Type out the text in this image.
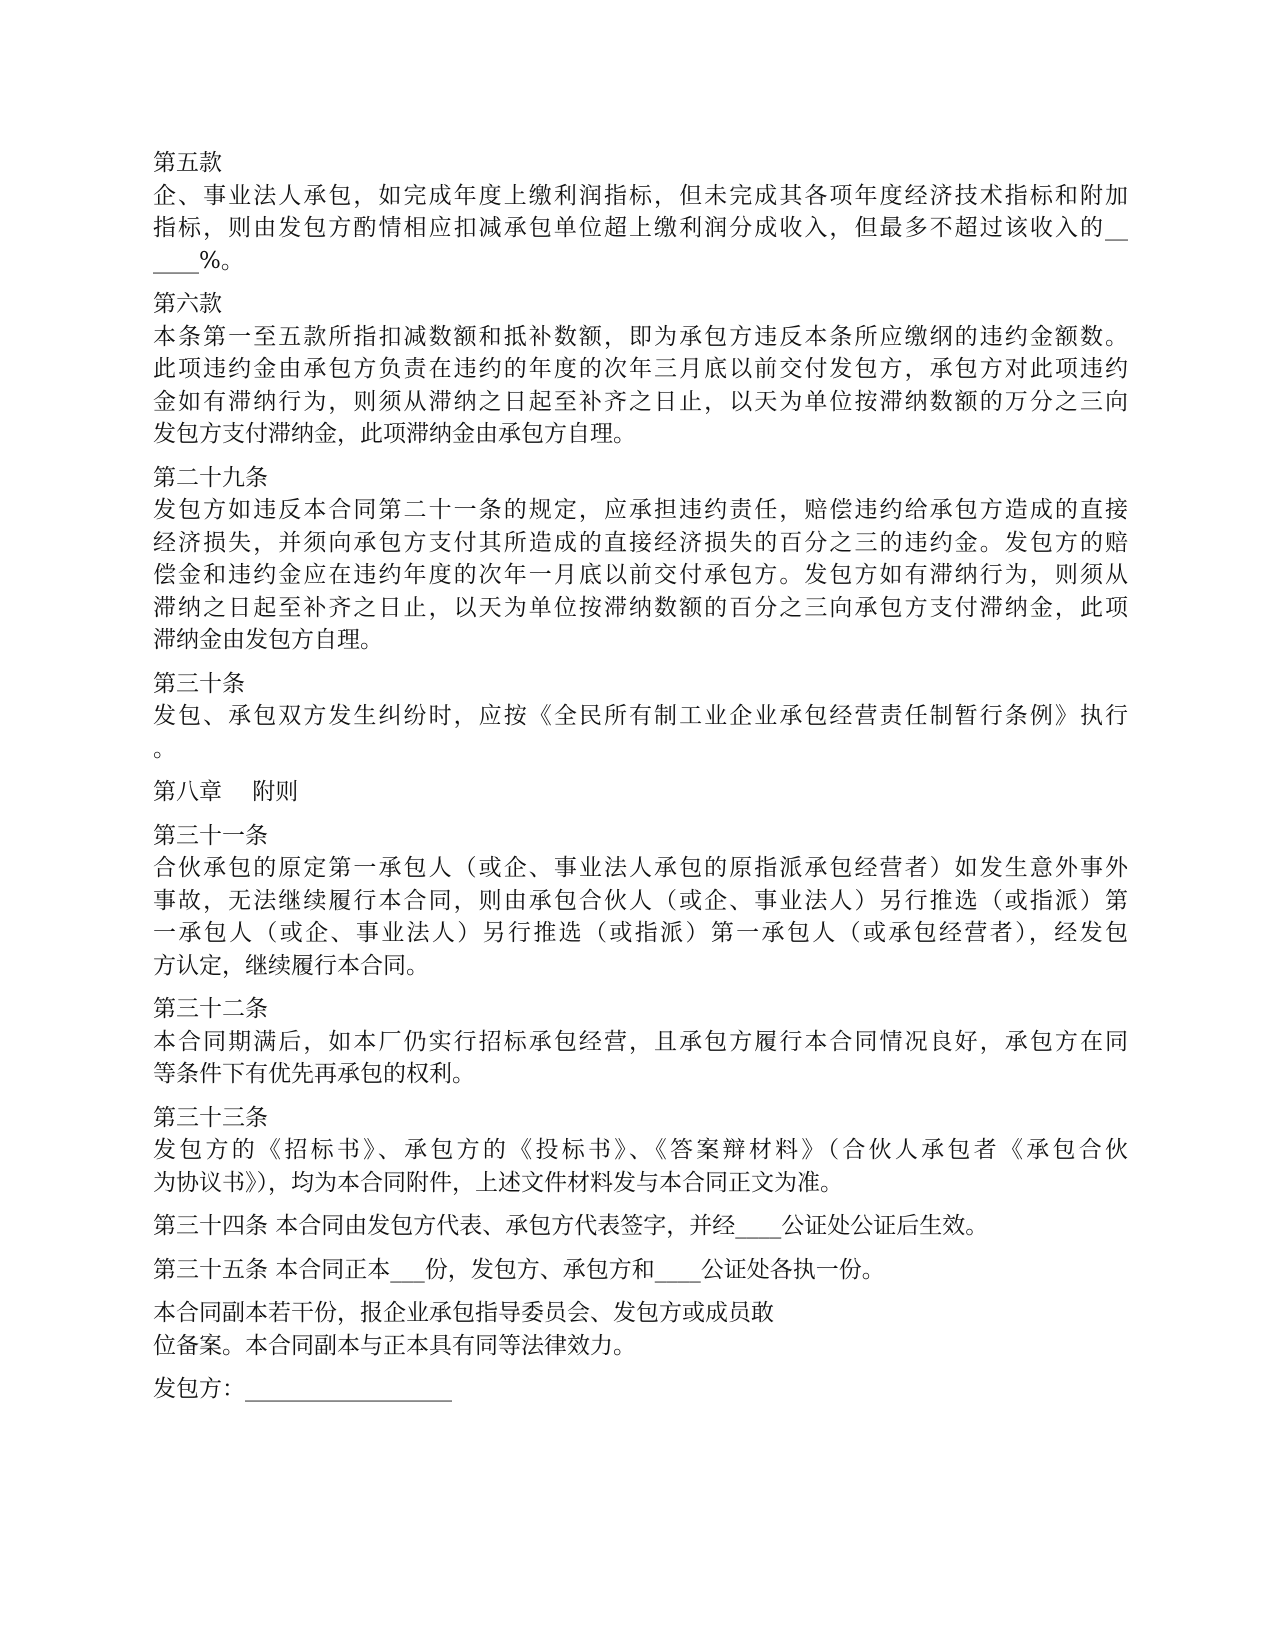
第五款
企、事业法人承包，如完成年度上缴利润指标，但未完成其各项年度经济技术指标和附加
指标，则由发包方酌情相应扣减承包单位超上缴利润分成收入，但最多不超过该收入的__
____%。
第六款
本条第一至五款所指扣减数额和抵补数额，即为承包方违反本条所应缴纲的违约金额数。
此项违约金由承包方负责在违约的年度的次年三月底以前交付发包方，承包方对此项违约
金如有滞纳行为，则须从滞纳之日起至补齐之日止，以天为单位按滞纳数额的万分之三向
发包方支付滞纳金，此项滞纳金由承包方自理。
第二十九条
发包方如违反本合同第二十一条的规定，应承担违约责任，赔偿违约给承包方造成的直接
经济损失，并须向承包方支付其所造成的直接经济损失的百分之三的违约金。发包方的赔
偿金和违约金应在违约年度的次年一月底以前交付承包方。发包方如有滞纳行为，则须从
滞纳之日起至补齐之日止，以天为单位按滞纳数额的百分之三向承包方支付滞纳金，此项
滞纳金由发包方自理。
第三十条
发包、承包双方发生纠纷时，应按《全民所有制工业企业承包经营责任制暂行条例》执行
。
第八章　 附则
第三十一条
合伙承包的原定第一承包人（或企、事业法人承包的原指派承包经营者）如发生意外事外
事故，无法继续履行本合同，则由承包合伙人（或企、事业法人）另行推选（或指派）第
一承包人（或企、事业法人）另行推选（或指派）第一承包人（或承包经营者），经发包
方认定，继续履行本合同。
第三十二条
本合同期满后，如本厂仍实行招标承包经营，且承包方履行本合同情况良好，承包方在同
等条件下有优先再承包的权利。
第三十三条
发包方的《招标书》、承包方的《投标书》、《答案辩材料》（合伙人承包者《承包合伙
为协议书》），均为本合同附件，上述文件材料发与本合同正文为准。
第三十四条 本合同由发包方代表、承包方代表签字，并经____公证处公证后生效。
第三十五条 本合同正本___份，发包方、承包方和____公证处各执一份。
本合同副本若干份，报企业承包指导委员会、发包方或成员敢
位备案。本合同副本与正本具有同等法律效力。
发包方：__________________
